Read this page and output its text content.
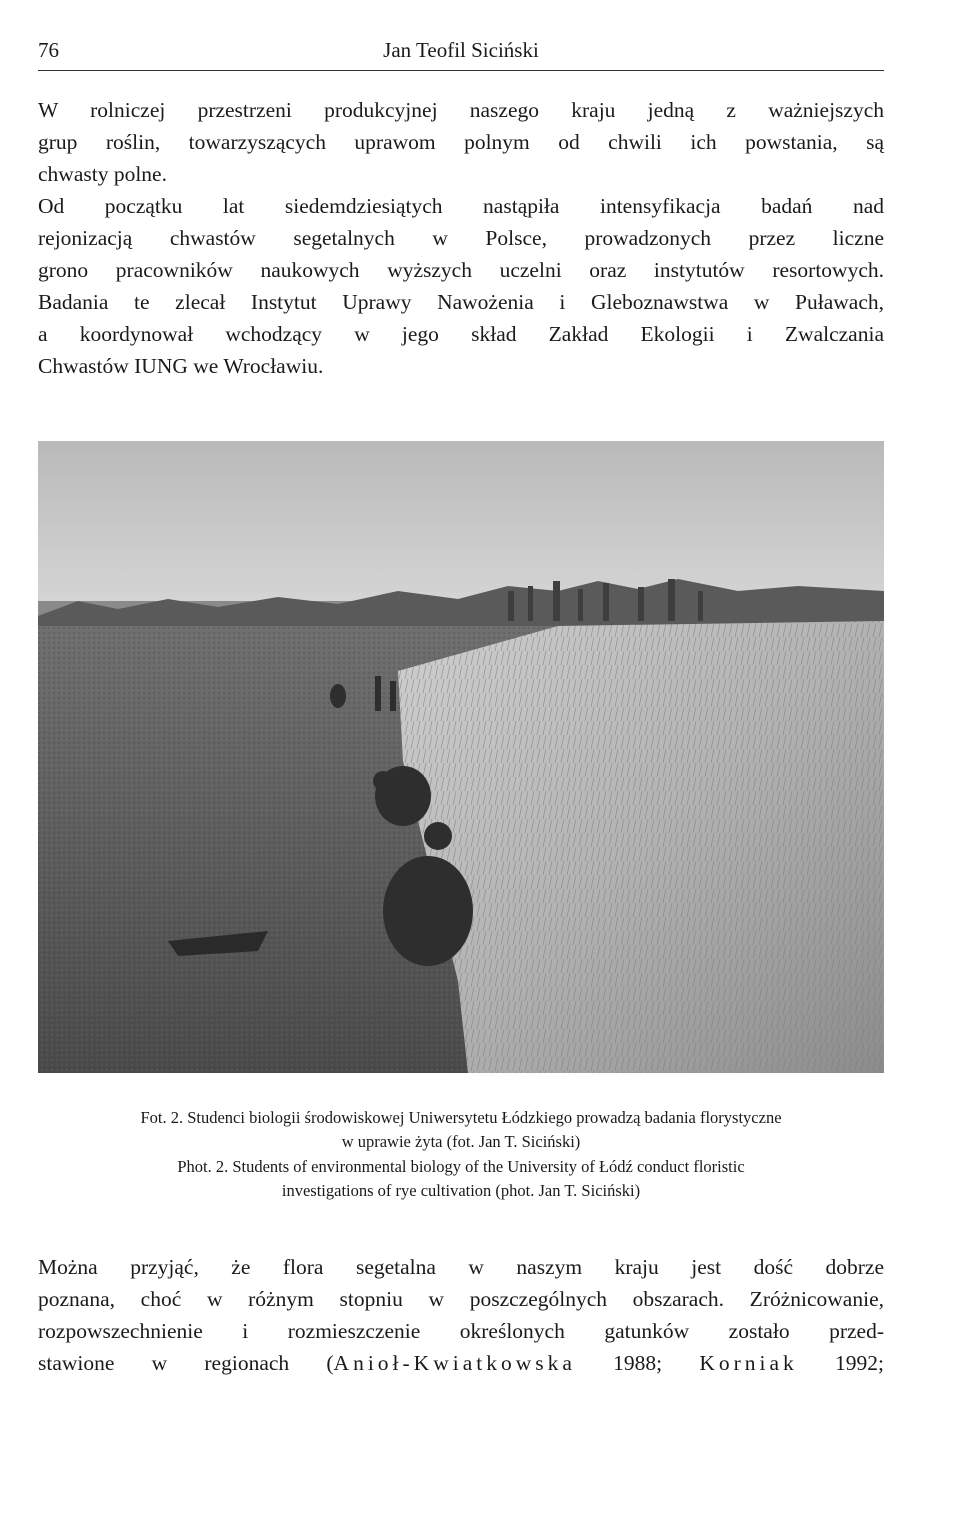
76	Jan Teofil Siciński
W rolniczej przestrzeni produkcyjnej naszego kraju jedną z ważniejszych
grup roślin, towarzyszących uprawom polnym od chwili ich powstania, są
chwasty polne.
Od początku lat siedemdziesiątych nastąpiła intensyfikacja badań nad
rejonizacją chwastów segetalnych w Polsce, prowadzonych przez liczne
grono pracowników naukowych wyższych uczelni oraz instytutów resortowych.
Badania te zlecał Instytut Uprawy Nawożenia i Gleboznawstwa w Puławach,
a koordynował wchodzący w jego skład Zakład Ekologii i Zwalczania
Chwastów IUNG we Wrocławiu.

Fot. 2. Studenci biologii środowiskowej Uniwersytetu Łódzkiego prowadzą badania florystyczne
w uprawie żyta (fot. Jan T. Siciński)

Phot. 2. Students of environmental biology of the University of Łódź conduct floristic
investigations of rye cultivation (phot. Jan T. Siciński)

Można przyjąć, że flora segetalna w naszym kraju jest dość dobrze
poznana, choć w różnym stopniu w poszczególnych obszarach. Zróżnicowanie,
rozpowszechnienie i rozmieszczenie określonych gatunków zostało przed-
stawione w regionach (Anioł-Kwiatkowska 1988; Korniak 1992;
